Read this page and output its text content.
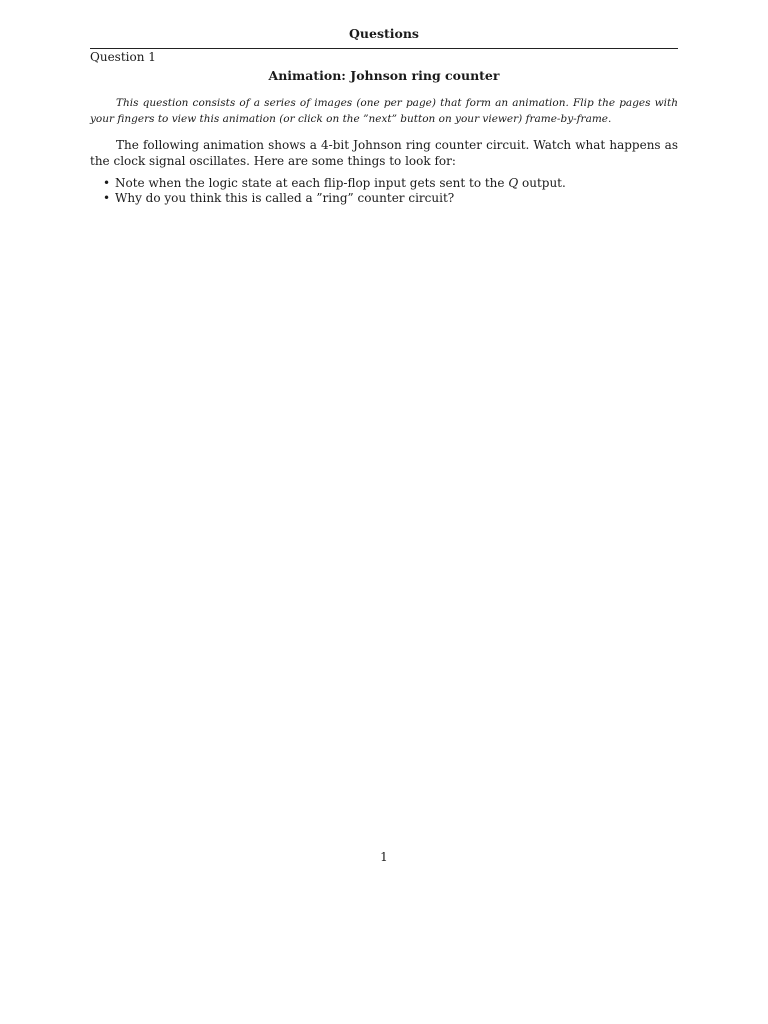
Questions
Question 1
Animation: Johnson ring counter

This question consists of a series of images (one per page) that form an animation. Flip the pages with your fingers to view this animation (or click on the ”next” button on your viewer) frame-by-frame.

The following animation shows a 4-bit Johnson ring counter circuit. Watch what happens as the clock signal oscillates. Here are some things to look for:

• Note when the logic state at each flip-flop input gets sent to the Q output.
• Why do you think this is called a ”ring” counter circuit?
1
